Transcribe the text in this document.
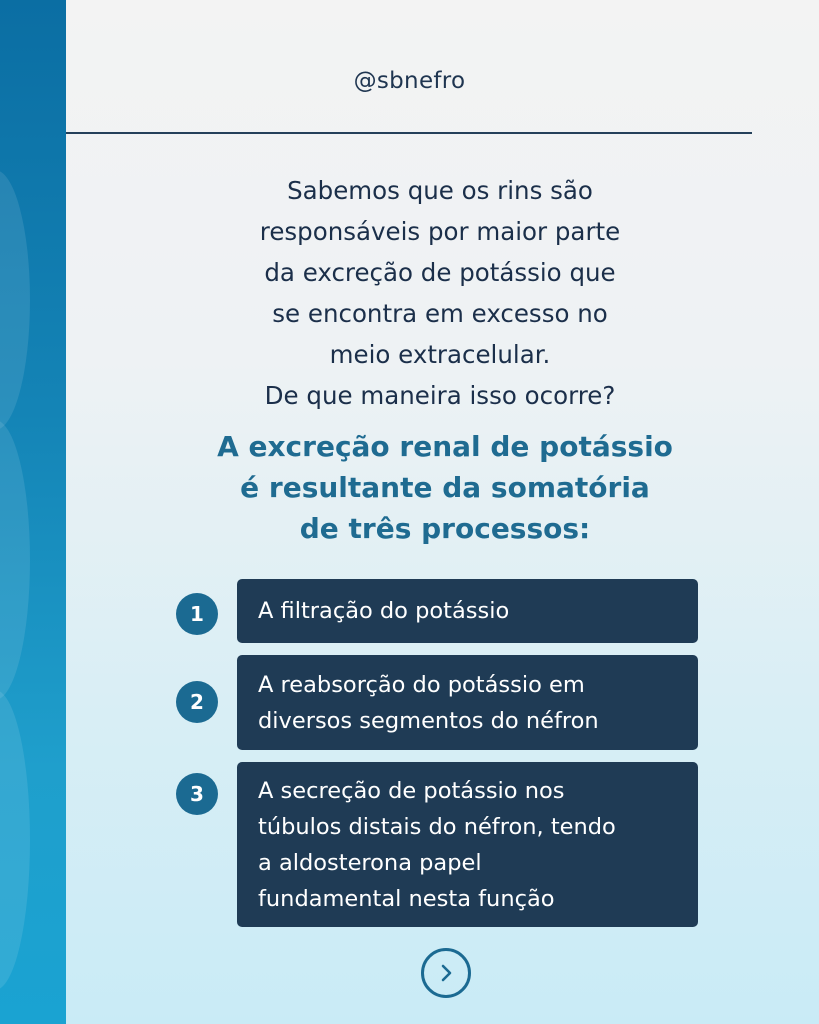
@sbnefro

Sabemos que os rins são
responsáveis por maior parte
da excreção de potássio que
se encontra em excesso no
meio extracelular.
De que maneira isso ocorre?

A excreção renal de potássio
é resultante da somatória
de três processos:

1	A filtração do potássio
2
A reabsorção do potássio em
diversos segmentos do néfron
3	A secreção de potássio nos
túbulos distais do néfron, tendo
a aldosterona papel
fundamental nesta função
